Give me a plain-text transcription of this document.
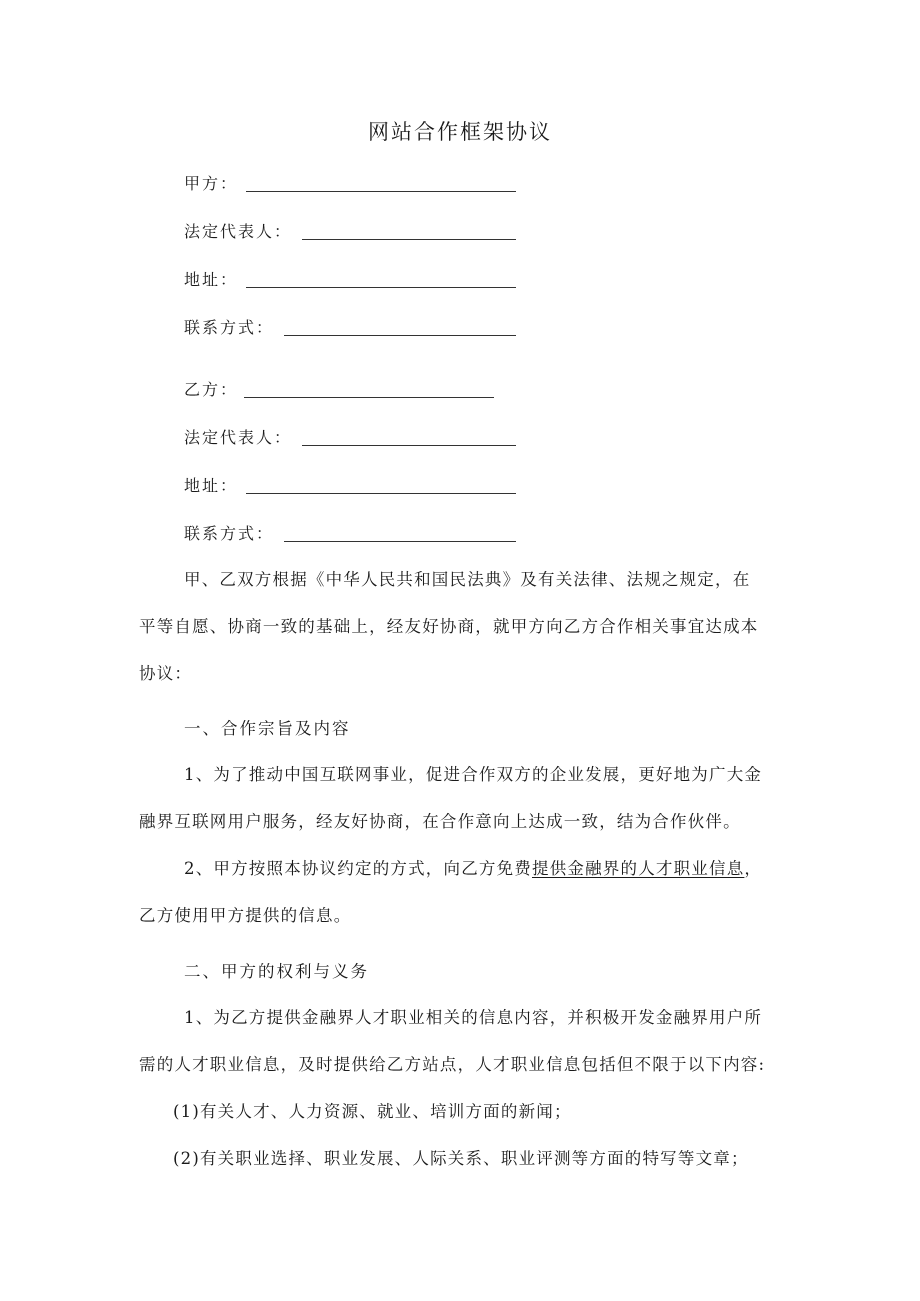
网站合作框架协议
甲方：
法定代表人：
地址：
联系方式：
乙方：
法定代表人：
地址：
联系方式：
甲、乙双方根据《中华人民共和国民法典》及有关法律、法规之规定，在
平等自愿、协商一致的基础上，经友好协商，就甲方向乙方合作相关事宜达成本
协议：
一、合作宗旨及内容
1、为了推动中国互联网事业，促进合作双方的企业发展，更好地为广大金
融界互联网用户服务，经友好协商，在合作意向上达成一致，结为合作伙伴。
2、甲方按照本协议约定的方式，向乙方免费提供金融界的人才职业信息，
乙方使用甲方提供的信息。
二、甲方的权利与义务
1、为乙方提供金融界人才职业相关的信息内容，并积极开发金融界用户所
需的人才职业信息，及时提供给乙方站点，人才职业信息包括但不限于以下内容:
(1)有关人才、人力资源、就业、培训方面的新闻；
(2)有关职业选择、职业发展、人际关系、职业评测等方面的特写等文章；
